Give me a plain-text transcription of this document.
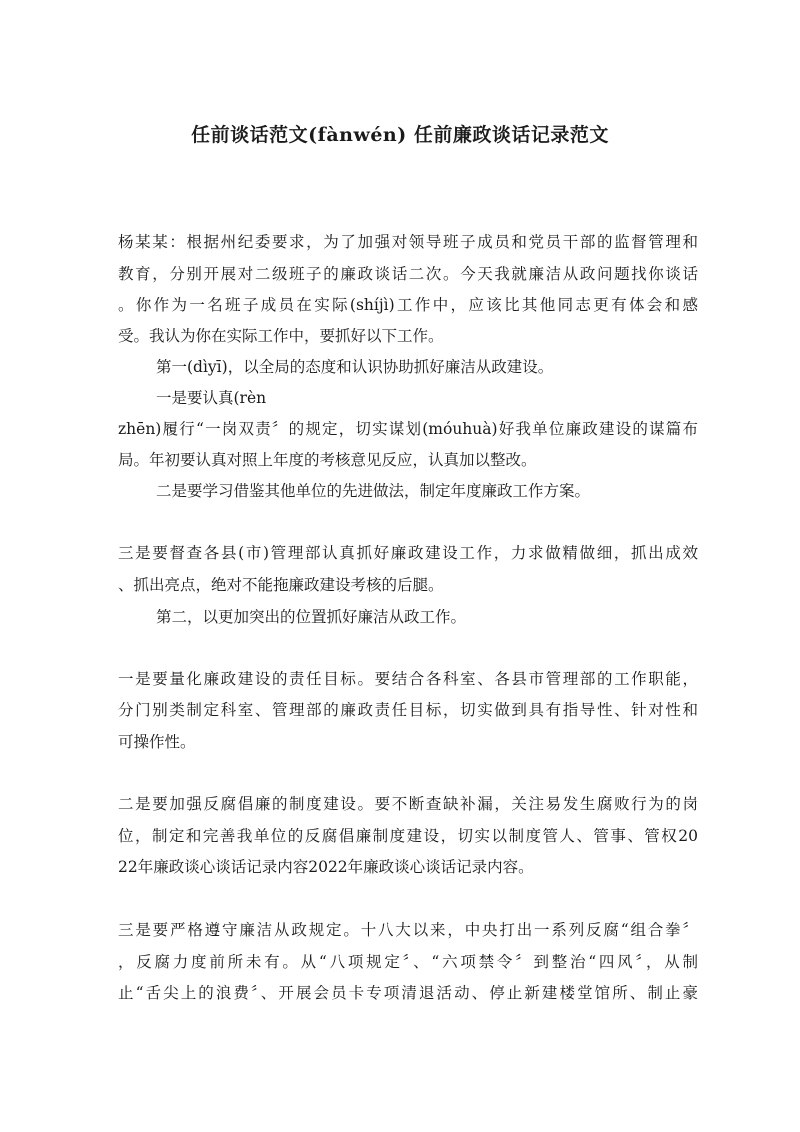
任前谈话范文(fànwén) 任前廉政谈话记录范文
杨某某：根据州纪委要求，为了加强对领导班子成员和党员干部的监督管理和
教育，分别开展对二级班子的廉政谈话二次。今天我就廉洁从政问题找你谈话
。你作为一名班子成员在实际(shíjì)工作中，应该比其他同志更有体会和感
受。我认为你在实际工作中，要抓好以下工作。
第一(dìyī)，以全局的态度和认识协助抓好廉洁从政建设。
一是要认真(rèn
zhēn)履行“一岗双责〞的规定，切实谋划(móuhuà)好我单位廉政建设的谋篇布
局。年初要认真对照上年度的考核意见反应，认真加以整改。
二是要学习借鉴其他单位的先进做法，制定年度廉政工作方案。
三是要督查各县(市)管理部认真抓好廉政建设工作，力求做精做细，抓出成效
、抓出亮点，绝对不能拖廉政建设考核的后腿。
第二，以更加突出的位置抓好廉洁从政工作。
一是要量化廉政建设的责任目标。要结合各科室、各县市管理部的工作职能，
分门别类制定科室、管理部的廉政责任目标，切实做到具有指导性、针对性和
可操作性。
二是要加强反腐倡廉的制度建设。要不断查缺补漏，关注易发生腐败行为的岗
位，制定和完善我单位的反腐倡廉制度建设，切实以制度管人、管事、管权20
22年廉政谈心谈话记录内容2022年廉政谈心谈话记录内容。
三是要严格遵守廉洁从政规定。十八大以来，中央打出一系列反腐“组合拳〞
，反腐力度前所未有。从“八项规定〞、“六项禁令〞到整治“四风〞，从制
止“舌尖上的浪费〞、开展会员卡专项清退活动、停止新建楼堂馆所、制止豪
